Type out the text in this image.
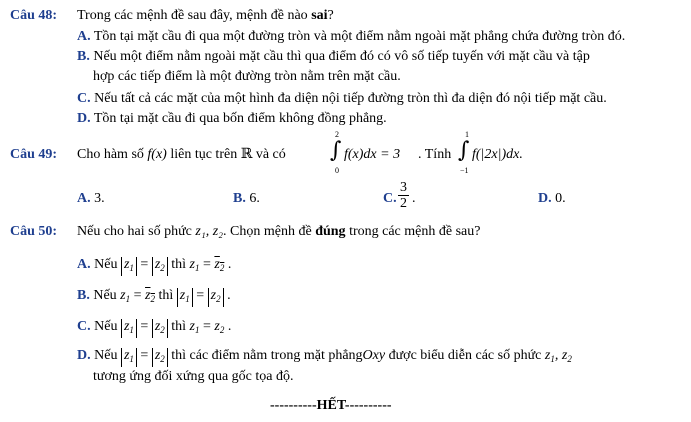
Câu 48: Trong các mệnh đề sau đây, mệnh đề nào sai?
A. Tồn tại mặt cầu đi qua một đường tròn và một điểm nằm ngoài mặt phẳng chứa đường tròn đó.
B. Nếu một điểm nằm ngoài mặt cầu thì qua điểm đó có vô số tiếp tuyến với mặt cầu và tập
hợp các tiếp điểm là một đường tròn nằm trên mặt cầu.
C. Nếu tất cả các mặt của một hình đa diện nội tiếp đường tròn thì đa diện đó nội tiếp mặt cầu.
D. Tồn tại mặt cầu đi qua bốn điểm không đồng phẳng.
Câu 49: Cho hàm số f(x) liên tục trên ℝ và có
2
∫
0
f(x)dx = 3 . Tính
1
∫
−1
f(|2x|)dx.
A. 3.	B. 6.	C. $\frac{3}{2}$ .	D. 0.
Câu 50: Nếu cho hai số phức z₁, z₂. Chọn mệnh đề đúng trong các mệnh đề sau?
A. Nếu $z_1 = z_2$ thì $z_1 = z_2$ .
B. Nếu $z_1 = z_2$ thì $z_1 = z_2$ .
C. Nếu $z_1 = z_2$ thì $z_1 = z_2$ .
D. Nếu $z_1 = z_2$ thì các điểm nằm trong mặt phẳngOxy được biểu diễn các số phức $z_1$, $z_2$
tương ứng đối xứng qua gốc tọa độ.
----------HẾT----------
